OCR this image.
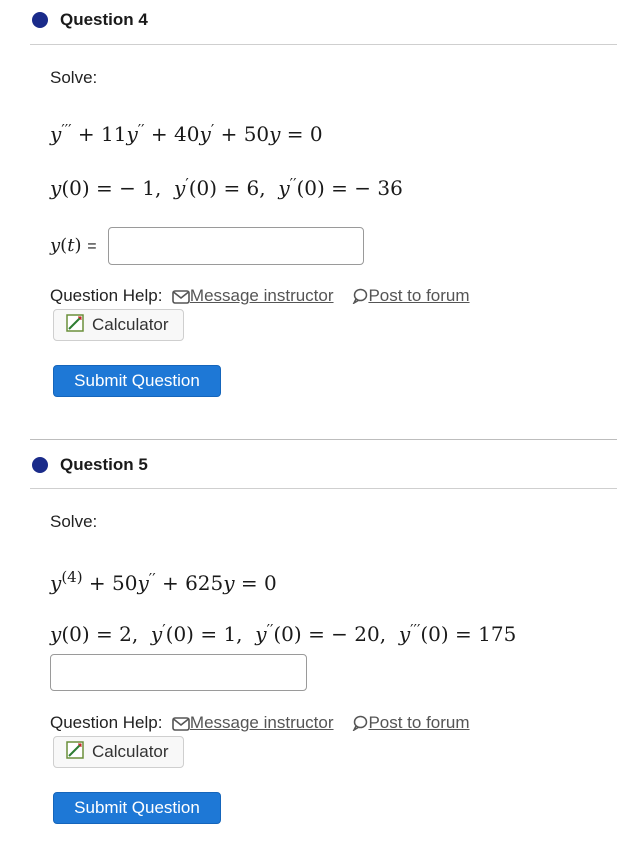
Question 4
Solve:
y′′′ + 11y′′ + 40y′ + 50y = 0
y(0) = − 1,  y′(0) = 6,  y′′(0) = − 36
y(t) =
Question Help: Message instructor Post to forum
Calculator
Submit Question
Question 5
Solve:
$y^{(4)} + 50y'' + 625y = 0$
y(0) = 2,  y′(0) = 1,  y′′(0) = − 20,  y′′′(0) = 175
Question Help: Message instructor Post to forum
Calculator
Submit Question
